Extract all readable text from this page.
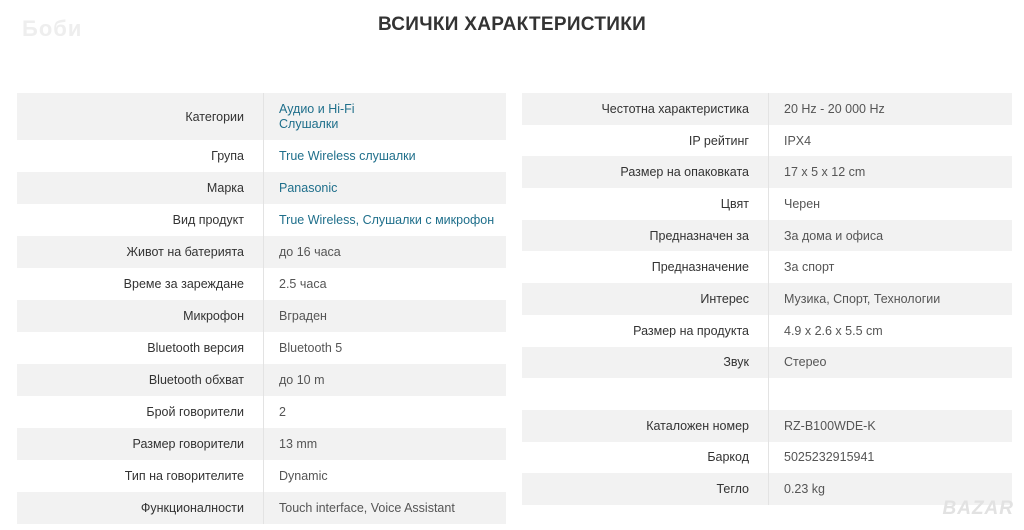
Боби	ВСИЧКИ ХАРАКТЕРИСТИКИ
Категории	Аудио и Hi-Fi
Слушалки

Група	True Wireless слушалки

Марка	Panasonic

Вид продукт	True Wireless, Слушалки с микрофон

Живот на батерията	до 16 часа
Време за зареждане	2.5 часа
Микрофон	Вграден
Bluetooth версия	Bluetooth 5
Bluetooth обхват	до 10 m
Брой говорители	2
Размер говорители	13 mm
Тип на говорителите	Dynamic
Функционалности	Touch interface, Voice Assistant
Честотна характеристика	20 Hz - 20 000 Hz
IP рейтинг	IPX4
Размер на опаковката	17 x 5 x 12 cm
Цвят	Черен
Предназначен за	За дома и офиса
Предназначение	За спорт
Интерес	Музика, Спорт, Технологии
Размер на продукта	4.9 x 2.6 x 5.5 cm
Звук	Стерео

Каталожен номер	RZ-B100WDE-K
Баркод	5025232915941
Тегло	0.23 kg
BAZAR
